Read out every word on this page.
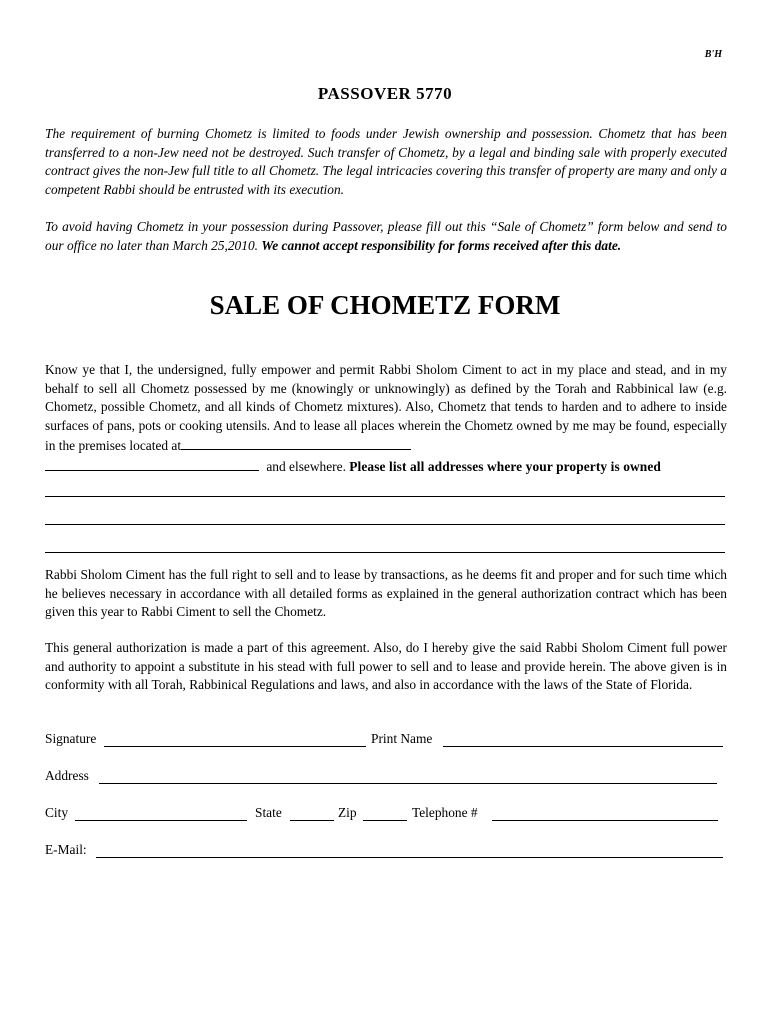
B'H
PASSOVER 5770
The requirement of burning Chometz is limited to foods under Jewish ownership and possession. Chometz that has been transferred to a non-Jew need not be destroyed. Such transfer of Chometz, by a legal and binding sale with properly executed contract gives the non-Jew full title to all Chometz. The legal intricacies covering this transfer of property are many and only a competent Rabbi should be entrusted with its execution.
To avoid having Chometz in your possession during Passover, please fill out this “Sale of Chometz” form below and send to our office no later than March 25,2010. We cannot accept responsibility for forms received after this date.
SALE OF CHOMETZ FORM
Know ye that I, the undersigned, fully empower and permit Rabbi Sholom Ciment to act in my place and stead, and in my behalf to sell all Chometz possessed by me (knowingly or unknowingly) as defined by the Torah and Rabbinical law (e.g. Chometz, possible Chometz, and all kinds of Chometz mixtures). Also, Chometz that tends to harden and to adhere to inside surfaces of pans, pots or cooking utensils. And to lease all places wherein the Chometz owned by me may be found, especially in the premises located at
and elsewhere. Please list all addresses where your property is owned
Rabbi Sholom Ciment has the full right to sell and to lease by transactions, as he deems fit and proper and for such time which he believes necessary in accordance with all detailed forms as explained in the general authorization contract which has been given this year to Rabbi Ciment to sell the Chometz.
This general authorization is made a part of this agreement. Also, do I hereby give the said Rabbi Sholom Ciment full power and authority to appoint a substitute in his stead with full power to sell and to lease and provide herein. The above given is in conformity with all Torah, Rabbinical Regulations and laws, and also in accordance with the laws of the State of Florida.
Signature	Print Name
Address
City	State	Zip	Telephone #
E-Mail:
